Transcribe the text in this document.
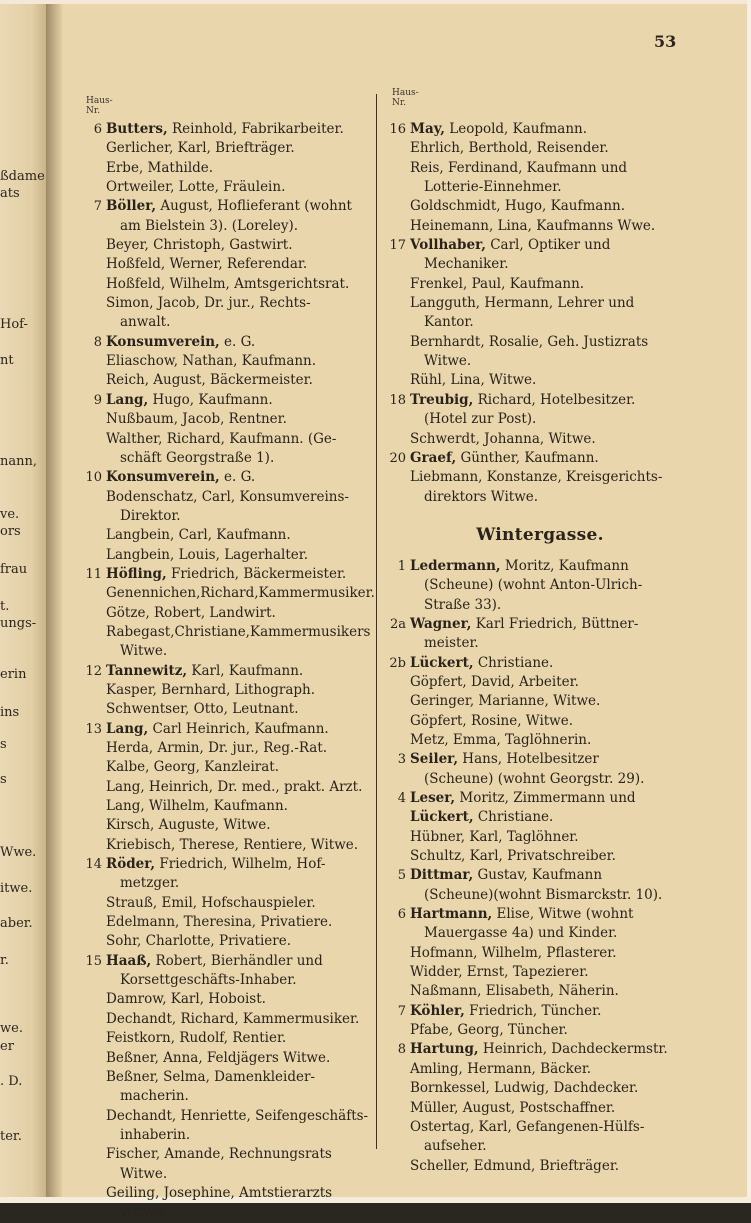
53
Haus-
Nr.
Haus-
Nr.
6 Butters, Reinhold, Fabrikarbeiter.
Gerlicher, Karl, Briefträger.
Erbe, Mathilde.
Ortweiler, Lotte, Fräulein.
7 Böller, August, Hoflieferant (wohnt
am Bielstein 3). (Loreley).
Beyer, Christoph, Gastwirt.
Hoßfeld, Werner, Referendar.
Hoßfeld, Wilhelm, Amtsgerichtsrat.
Simon, Jacob, Dr. jur., Rechts-
anwalt.
8 Konsumverein, e. G.
Eliaschow, Nathan, Kaufmann.
Reich, August, Bäckermeister.
9 Lang, Hugo, Kaufmann.
Nußbaum, Jacob, Rentner.
Walther, Richard, Kaufmann. (Ge-
schäft Georgstraße 1).
10 Konsumverein, e. G.
Bodenschatz, Carl, Konsumvereins-
Direktor.
Langbein, Carl, Kaufmann.
Langbein, Louis, Lagerhalter.
11 Höfling, Friedrich, Bäckermeister.
Genennichen,Richard,Kammermusiker.
Götze, Robert, Landwirt.
Rabegast,Christiane,Kammermusikers
Witwe.
12 Tannewitz, Karl, Kaufmann.
Kasper, Bernhard, Lithograph.
Schwentser, Otto, Leutnant.
13 Lang, Carl Heinrich, Kaufmann.
Herda, Armin, Dr. jur., Reg.-Rat.
Kalbe, Georg, Kanzleirat.
Lang, Heinrich, Dr. med., prakt. Arzt.
Lang, Wilhelm, Kaufmann.
Kirsch, Auguste, Witwe.
Kriebisch, Therese, Rentiere, Witwe.
14 Röder, Friedrich, Wilhelm, Hof-
metzger.
Strauß, Emil, Hofschauspieler.
Edelmann, Theresina, Privatiere.
Sohr, Charlotte, Privatiere.
15 Haaß, Robert, Bierhändler und
Korsettgeschäfts-Inhaber.
Damrow, Karl, Hoboist.
Dechandt, Richard, Kammermusiker.
Feistkorn, Rudolf, Rentier.
Beßner, Anna, Feldjägers Witwe.
Beßner, Selma, Damenkleider-
macherin.
Dechandt, Henriette, Seifengeschäfts-
inhaberin.
Fischer, Amande, Rechnungsrats
Witwe.
Geiling, Josephine, Amtstierarzts
Witwe.
16 May, Leopold, Kaufmann.
Ehrlich, Berthold, Reisender.
Reis, Ferdinand, Kaufmann und
Lotterie-Einnehmer.
Goldschmidt, Hugo, Kaufmann.
Heinemann, Lina, Kaufmanns Wwe.
17 Vollhaber, Carl, Optiker und
Mechaniker.
Frenkel, Paul, Kaufmann.
Langguth, Hermann, Lehrer und
Kantor.
Bernhardt, Rosalie, Geh. Justizrats
Witwe.
Rühl, Lina, Witwe.
18 Treubig, Richard, Hotelbesitzer.
(Hotel zur Post).
Schwerdt, Johanna, Witwe.
20 Graef, Günther, Kaufmann.
Liebmann, Konstanze, Kreisgerichts-
direktors Witwe.
Wintergasse.
1 Ledermann, Moritz, Kaufmann
(Scheune) (wohnt Anton-Ulrich-
Straße 33).
2a Wagner, Karl Friedrich, Büttner-
meister.
2b Lückert, Christiane.
Göpfert, David, Arbeiter.
Geringer, Marianne, Witwe.
Göpfert, Rosine, Witwe.
Metz, Emma, Taglöhnerin.
3 Seiler, Hans, Hotelbesitzer
(Scheune) (wohnt Georgstr. 29).
4 Leser, Moritz, Zimmermann und
Lückert, Christiane.
Hübner, Karl, Taglöhner.
Schultz, Karl, Privatschreiber.
5 Dittmar, Gustav, Kaufmann
(Scheune)(wohnt Bismarckstr. 10).
6 Hartmann, Elise, Witwe (wohnt
Mauergasse 4a) und Kinder.
Hofmann, Wilhelm, Pflasterer.
Widder, Ernst, Tapezierer.
Naßmann, Elisabeth, Näherin.
7 Köhler, Friedrich, Tüncher.
Pfabe, Georg, Tüncher.
8 Hartung, Heinrich, Dachdeckermstr.
Amling, Hermann, Bäcker.
Bornkessel, Ludwig, Dachdecker.
Müller, August, Postschaffner.
Ostertag, Karl, Gefangenen-Hülfs-
aufseher.
Scheller, Edmund, Briefträger.
ßdame
ats
Hof-
nt
nann,
ve.
ors
frau
t.
ungs-
erin
ins
s
s
Wwe.
itwe.
aber.
r.
we.
er
. D.
ter.
